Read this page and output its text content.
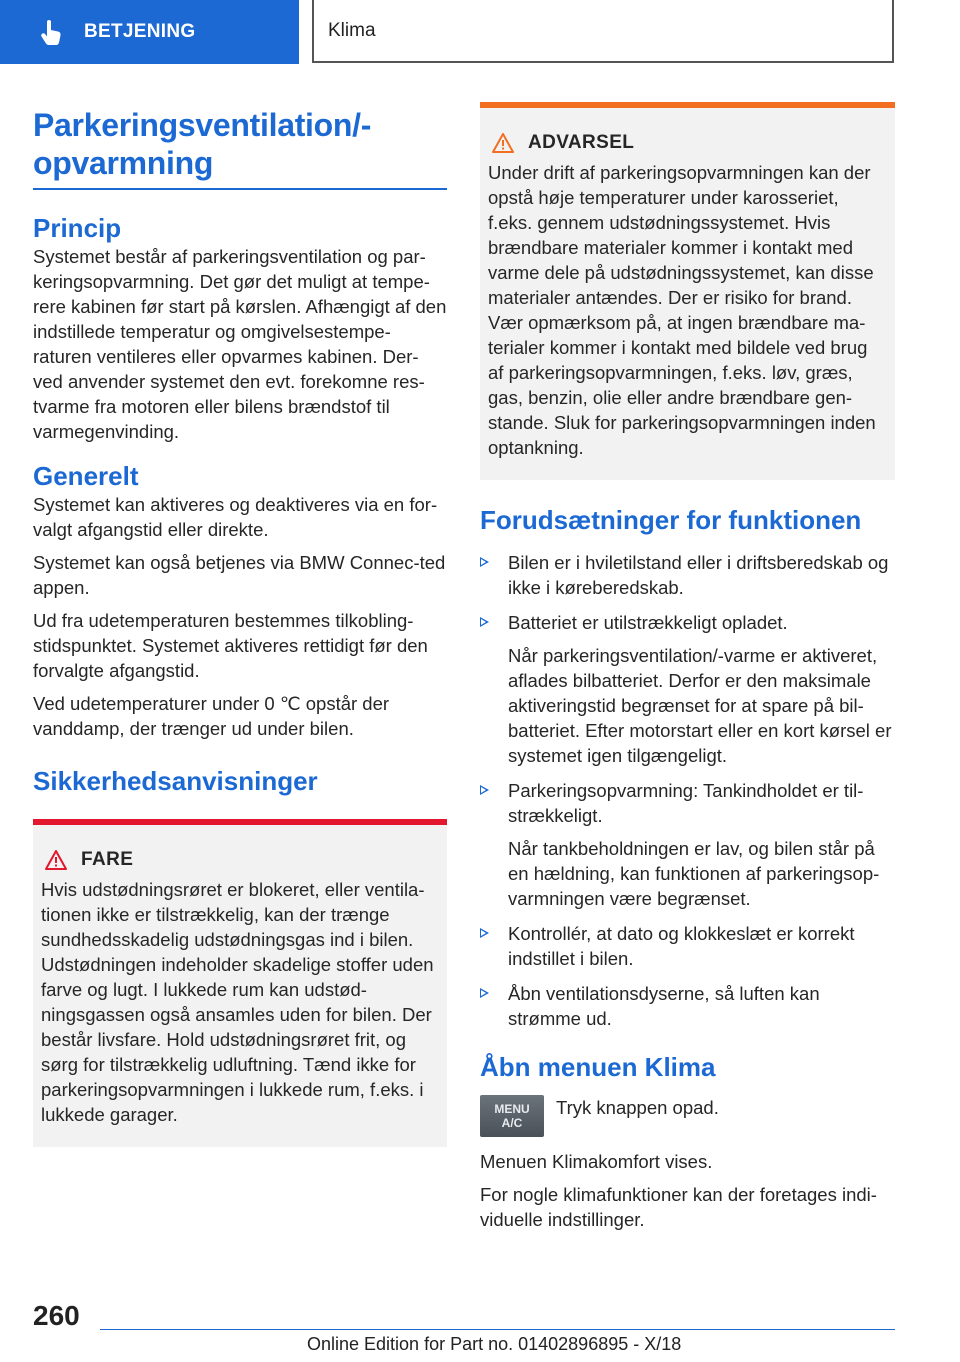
BETJENING	Klima
Parkeringsventilation/-opvarmning
Princip

Systemet består af parkeringsventilation og par-keringsopvarmning. Det gør det muligt at tempe-rere kabinen før start på kørslen. Afhængigt af den indstillede temperatur og omgivelsestempe-raturen ventileres eller opvarmes kabinen. Der-ved anvender systemet den evt. forekomne res-tvarme fra motoren eller bilens brændstof til varmegenvinding.

Generelt

Systemet kan aktiveres og deaktiveres via en for-valgt afgangstid eller direkte.

Systemet kan også betjenes via BMW Connec-ted appen.

Ud fra udetemperaturen bestemmes tilkobling-stidspunktet. Systemet aktiveres rettidigt før den forvalgte afgangstid.

Ved udetemperaturer under 0 ℃ opstår der vanddamp, der trænger ud under bilen.

Sikkerhedsanvisninger
FARE

Hvis udstødningsrøret er blokeret, eller ventila-tionen ikke er tilstrækkelig, kan der trænge sundhedsskadelig udstødningsgas ind i bilen. Udstødningen indeholder skadelige stoffer uden farve og lugt. I lukkede rum kan udstød-ningsgassen også ansamles uden for bilen. Der består livsfare. Hold udstødningsrøret frit, og sørg for tilstrækkelig udluftning. Tænd ikke for parkeringsopvarmningen i lukkede rum, f.eks. i lukkede garager.

ADVARSEL

Under drift af parkeringsopvarmningen kan der opstå høje temperaturer under karosseriet, f.eks. gennem udstødningssystemet. Hvis brændbare materialer kommer i kontakt med varme dele på udstødningssystemet, kan disse materialer antændes. Der er risiko for brand.

Vær opmærksom på, at ingen brændbare ma-terialer kommer i kontakt med bildele ved brug af parkeringsopvarmningen, f.eks. løv, græs, gas, benzin, olie eller andre brændbare gen-stande. Sluk for parkeringsopvarmningen inden optankning.

Forudsætninger for funktionen

Bilen er i hviletilstand eller i driftsberedskab og ikke i køreberedskab.

Batteriet er utilstrækkeligt opladet.

Når parkeringsventilation/-varme er aktiveret, aflades bilbatteriet. Derfor er den maksimale aktiveringstid begrænset for at spare på bil-batteriet. Efter motorstart eller en kort kørsel er systemet igen tilgængeligt.

Parkeringsopvarmning: Tankindholdet er til-strækkeligt.

Når tankbeholdningen er lav, og bilen står på en hældning, kan funktionen af parkeringsop-varmningen være begrænset.

Kontrollér, at dato og klokkeslæt er korrekt indstillet i bilen.

Åbn ventilationsdyserne, så luften kan strømme ud.

Åbn menuen Klima
MENU
A/C

Tryk knappen opad.

Menuen Klimakomfort vises.

For nogle klimafunktioner kan der foretages indi-viduelle indstillinger.

260
Online Edition for Part no. 01402896895 - X/18
